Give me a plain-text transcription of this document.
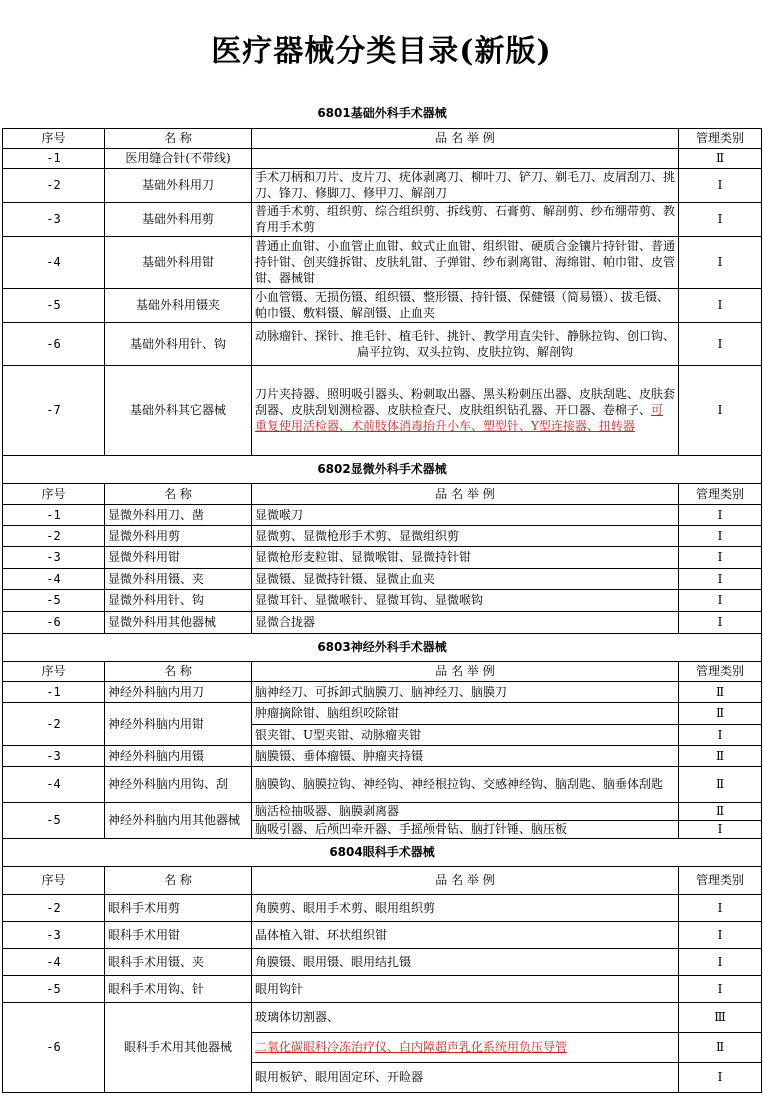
医疗器械分类目录(新版)
6801基础外科手术器械			
序号	名 称	品 名 举 例	管理类别
-1	医用缝合针(不带线)		Ⅱ
-2	基础外科用刀	手术刀柄和刀片、皮片刀、疣体剥离刀、柳叶刀、铲刀、剃毛刀、皮屑刮刀、挑刀、锋刀、修脚刀、修甲刀、解剖刀	Ⅰ
-3	基础外科用剪	普通手术剪、组织剪、综合组织剪、拆线剪、石膏剪、解剖剪、纱布绷带剪、教育用手术剪	Ⅰ
-4	基础外科用钳	普通止血钳、小血管止血钳、蚊式止血钳、组织钳、硬质合金镶片持针钳、普通持针钳、创夹缝拆钳、皮肤轧钳、子弹钳、纱布剥离钳、海绵钳、帕巾钳、皮管钳、器械钳	Ⅰ
-5	基础外科用镊夹	小血管镊、无损伤镊、组织镊、整形镊、持针镊、保健镊（简易镊）、拔毛镊、帕巾镊、敷料镊、解剖镊、止血夹	Ⅰ
-6	基础外科用针、钩	动脉瘤针、探针、推毛针、植毛针、挑针、教学用直尖针、静脉拉钩、创口钩、扁平拉钩、双头拉钩、皮肤拉钩、解剖钩	Ⅰ
-7	基础外科其它器械	刀片夹持器、照明吸引器头、粉刺取出器、黑头粉刺压出器、皮肤刮匙、皮肤套刮器、皮肤刮划测检器、皮肤检查尺、皮肤组织钻孔器、开口器、卷棉子、可重复使用活检器、术前肢体消毒抬升小车、塑型针、Y型连接器、扭转器	Ⅰ
6802显微外科手术器械			
序号	名 称	品 名 举 例	管理类别
-1	显微外科用刀、凿	显微喉刀	Ⅰ
-2	显微外科用剪	显微剪、显微枪形手术剪、显微组织剪	Ⅰ
-3	显微外科用钳	显微枪形麦粒钳、显微喉钳、显微持针钳	Ⅰ
-4	显微外科用镊、夹	显微镊、显微持针镊、显微止血夹	Ⅰ
-5	显微外科用针、钩	显微耳针、显微喉针、显微耳钩、显微喉钩	Ⅰ
-6	显微外科用其他器械	显微合拢器	Ⅰ
6803神经外科手术器械			
序号	名 称	品 名 举 例	管理类别
-1	神经外科脑内用刀	脑神经刀、可拆卸式脑膜刀、脑神经刀、脑膜刀	Ⅱ
-2	神经外科脑内用钳	肿瘤摘除钳、脑组织咬除钳	Ⅱ
		银夹钳、U型夹钳、动脉瘤夹钳	Ⅰ
-3	神经外科脑内用镊	脑膜镊、垂体瘤镊、肿瘤夹持镊	Ⅱ
-4	神经外科脑内用钩、刮	脑膜钩、脑膜拉钩、神经钩、神经根拉钩、交感神经钩、脑刮匙、脑垂体刮匙	Ⅱ
-5	神经外科脑内用其他器械	脑活检抽吸器、脑膜剥离器	Ⅱ
		脑吸引器、后颅凹牵开器、手摇颅骨钻、脑打针锤、脑压板	Ⅰ
6804眼科手术器械			
序号	名 称	品 名 举 例	管理类别
-2	眼科手术用剪	角膜剪、眼用手术剪、眼用组织剪	Ⅰ
-3	眼科手术用钳	晶体植入钳、环状组织钳	Ⅰ
-4	眼科手术用镊、夹	角膜镊、眼用镊、眼用结扎镊	Ⅰ
-5	眼科手术用钩、针	眼用钩针	Ⅰ
-6	眼科手术用其他器械	玻璃体切割器、	Ⅲ
		二氧化碳眼科冷冻治疗仪、白内障超声乳化系统用负压导管	Ⅱ
		眼用板铲、眼用固定环、开睑器	Ⅰ
